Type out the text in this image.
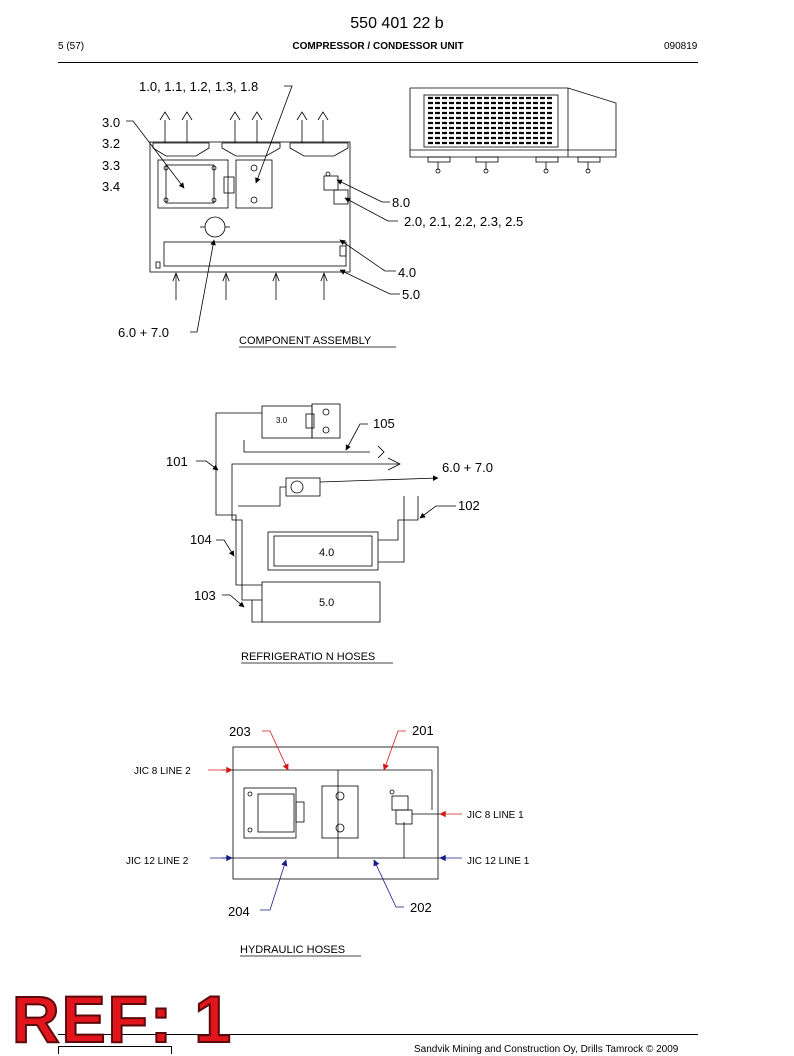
550 401 22 b
5 (57)	COMPRESSOR / CONDESSOR UNIT	090819
1.0, 1.1, 1.2, 1.3, 1.8
3.0
3.2
3.3
3.4
8.0
2.0, 2.1, 2.2, 2.3, 2.5
4.0
5.0
6.0 + 7.0
105
101	6.0 + 7.0
102
104
103
203	201
204	202
3.0
4.0
5.0
JIC 8 LINE 2
JIC 8 LINE 1
JIC 12 LINE 2	JIC 12 LINE 1
COMPONENT ASSEMBLY
REFRIGERATIO N HOSES
HYDRAULIC HOSES
Sandvik Mining and Construction Oy, Drills Tamrock © 2009
REF: 1
